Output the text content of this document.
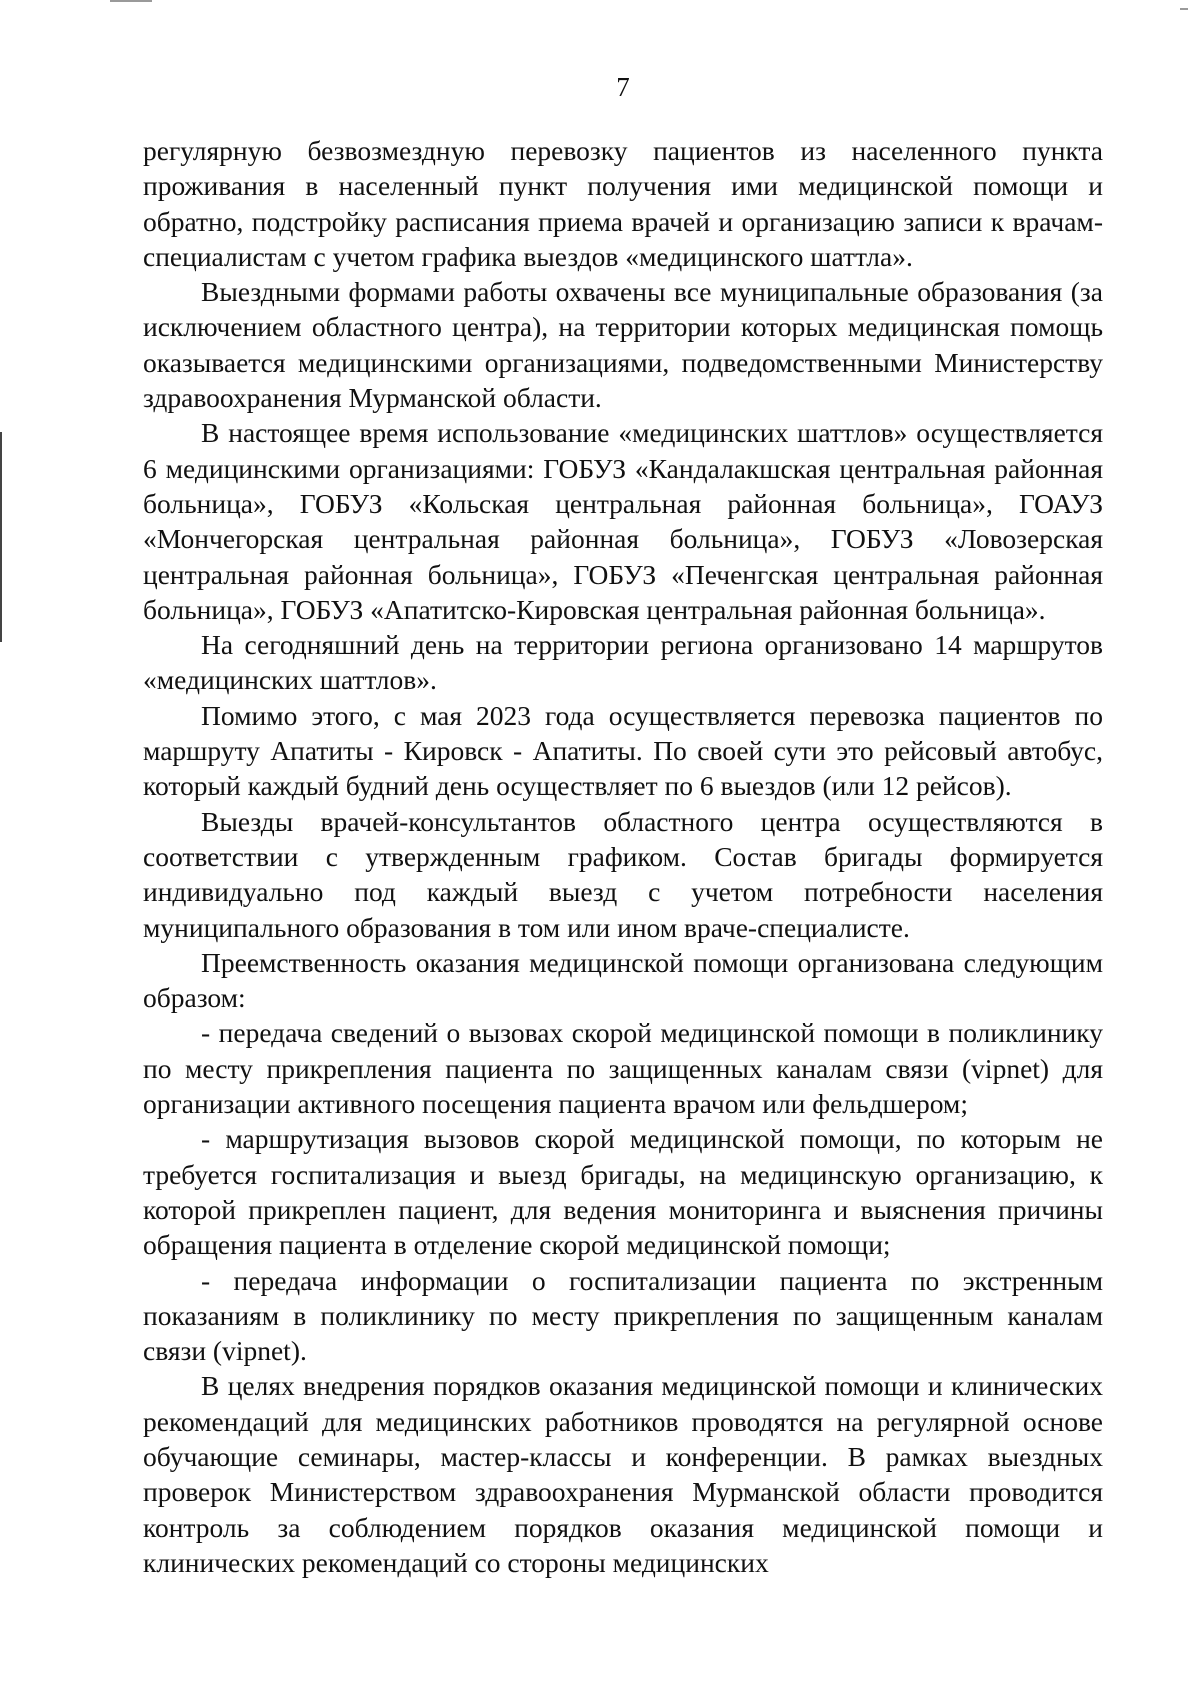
7

регулярную безвозмездную перевозку пациентов из населенного пункта проживания в населенный пункт получения ими медицинской помощи и обратно, подстройку расписания приема врачей и организацию записи к врачам-специалистам с учетом графика выездов «медицинского шаттла».

Выездными формами работы охвачены все муниципальные образования (за исключением областного центра), на территории которых медицинская помощь оказывается медицинскими организациями, подведомственными Министерству здравоохранения Мурманской области.

В настоящее время использование «медицинских шаттлов» осуществляется 6 медицинскими организациями: ГОБУЗ «Кандалакшская центральная районная больница», ГОБУЗ «Кольская центральная районная больница», ГОАУЗ «Мончегорская центральная районная больница», ГОБУЗ «Ловозерская центральная районная больница», ГОБУЗ «Печенгская центральная районная больница», ГОБУЗ «Апатитско-Кировская центральная районная больница».

На сегодняшний день на территории региона организовано 14 маршрутов «медицинских шаттлов».

Помимо этого, с мая 2023 года осуществляется перевозка пациентов по маршруту Апатиты - Кировск - Апатиты. По своей сути это рейсовый автобус, который каждый будний день осуществляет по 6 выездов (или 12 рейсов).

Выезды врачей-консультантов областного центра осуществляются в соответствии с утвержденным графиком. Состав бригады формируется индивидуально под каждый выезд с учетом потребности населения муниципального образования в том или ином враче-специалисте.

Преемственность оказания медицинской помощи организована следующим образом:

- передача сведений о вызовах скорой медицинской помощи в поликлинику по месту прикрепления пациента по защищенных каналам связи (vipnet) для организации активного посещения пациента врачом или фельдшером;

- маршрутизация вызовов скорой медицинской помощи, по которым не требуется госпитализация и выезд бригады, на медицинскую организацию, к которой прикреплен пациент, для ведения мониторинга и выяснения причины обращения пациента в отделение скорой медицинской помощи;

- передача информации о госпитализации пациента по экстренным показаниям в поликлинику по месту прикрепления по защищенным каналам связи (vipnet).

В целях внедрения порядков оказания медицинской помощи и клинических рекомендаций для медицинских работников проводятся на регулярной основе обучающие семинары, мастер-классы и конференции. В рамках выездных проверок Министерством здравоохранения Мурманской области проводится контроль за соблюдением порядков оказания медицинской помощи и клинических рекомендаций со стороны медицинских
